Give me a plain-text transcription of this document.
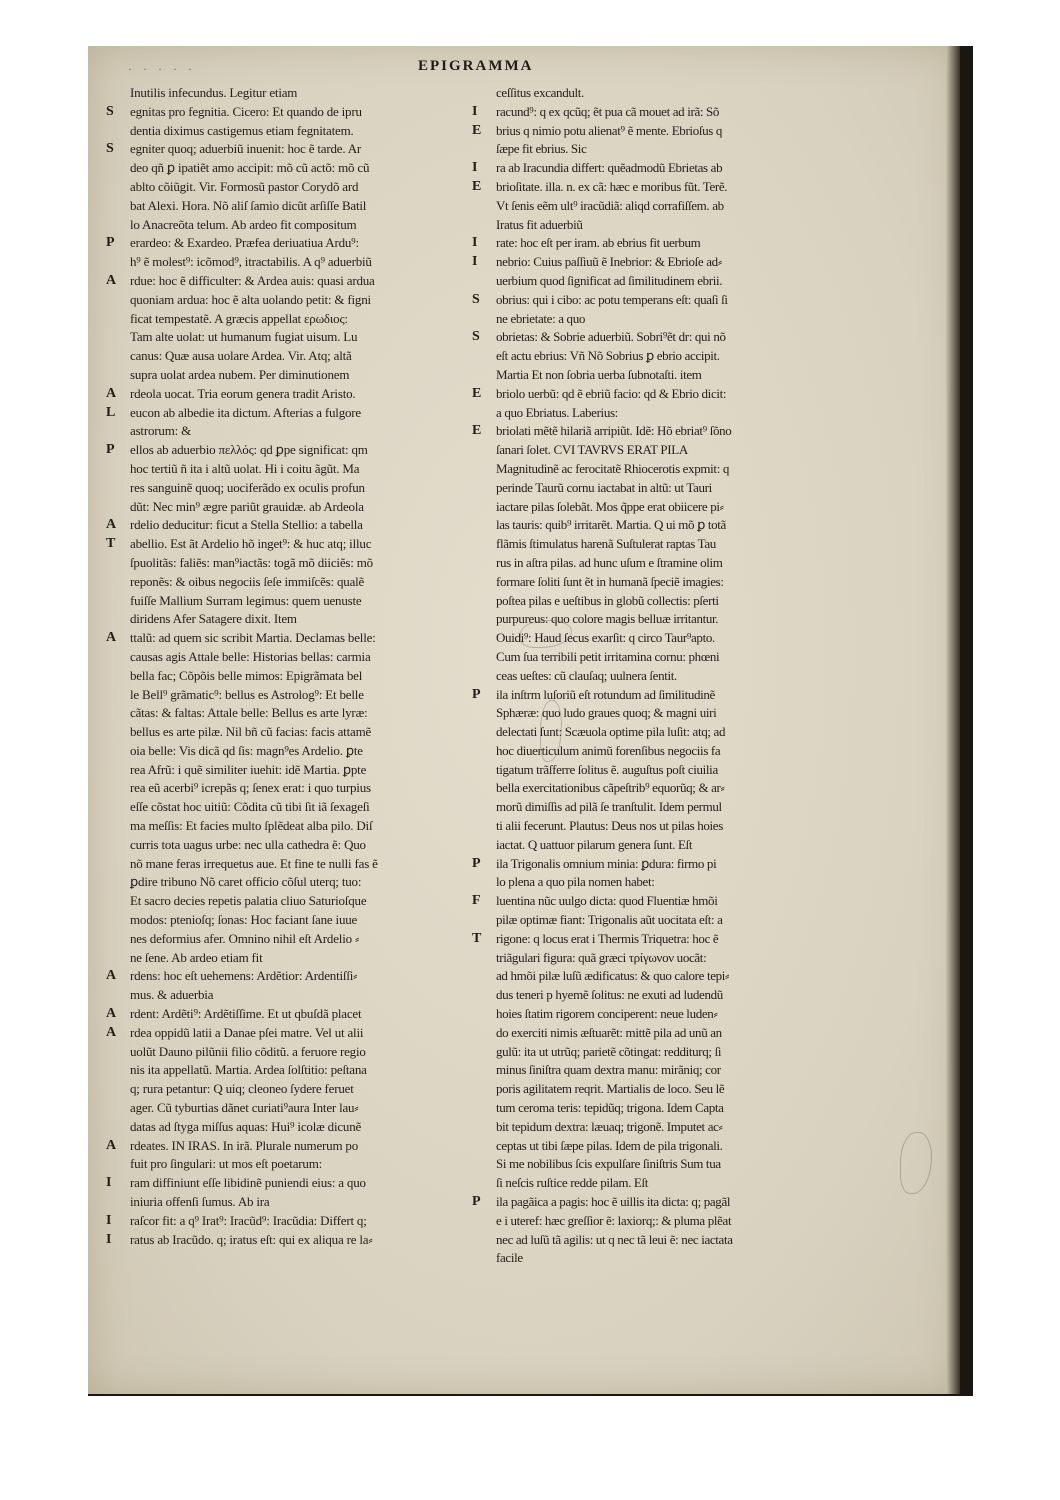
· · · · ·	EPIGRAMMA
Inutilis infecundus. Legitur etiam
S	egnitas pro fegnitia. Cicero: Et quando de ipru
dentia diximus castigemus etiam fegnitatem.
S	egniter quoq; aduerbiũ inuenit: hoc ẽ tarde. Ar
deo qñ ꝑ ipatiẽt amo accipit: mõ cũ actõ: mõ cũ
ablto cõiũgit. Vir. Formosũ pastor Corydõ ard
bat Alexi. Hora. Nõ aliſ ſamio dicũt arſiſſe Batil
lo Anacreõta telum. Ab ardeo fit compositum
P	erardeo: & Exardeo. Præfea deriuatiua Ardu⁹:
h⁹ ẽ molest⁹: icõmod⁹, itractabilis. A q⁹ aduerbiũ
A	rdue: hoc ẽ difficulter: & Ardea auis: quasi ardua
quoniam ardua: hoc ẽ alta uolando petit: & figni
ficat tempestatẽ. A græcis appellat ερωδιος:
Tam alte uolat: ut humanum fugiat uisum. Lu
canus: Quæ ausa uolare Ardea. Vir. Atq; altã
supra uolat ardea nubem. Per diminutionem
A	rdeola uocat. Tria eorum genera tradit Aristo.
L	eucon ab albedie ita dictum. Afterias a fulgore
astrorum: &
P	ellos ab aduerbio πελλός: qd ꝑpe significat: qm
hoc tertiũ ñ ita i altũ uolat. Hi i coitu ãgũt. Ma
res sanguinẽ quoq; uociferãdo ex oculis profun
dũt: Nec min⁹ ægre pariũt grauidæ. ab Ardeola
A	rdelio deducitur: ficut a Stella Stellio: a tabella
T	abellio. Est ãt Ardelio hõ inget⁹: & huc atq; illuc
ſpuolitãs: faliẽs: man⁹iactãs: togã mõ diiciẽs: mõ
reponẽs: & oibus negociis ſeſe immiſcẽs: qualẽ
fuiſſe Mallium Surram legimus: quem uenuste
diridens Afer Satagere dixit. Item
A	ttalũ: ad quem sic scribit Martia. Declamas belle:
causas agis Attale belle: Historias bellas: carmia
bella fac; Cõpõis belle mimos: Epigrãmata bel
le Bell⁹ grãmatic⁹: bellus es Astrolog⁹: Et belle
cãtas: & faltas: Attale belle: Bellus es arte lyræ:
bellus es arte pilæ. Nil bñ cũ facias: facis attamẽ
oia belle: Vis dicã qd ſis: magn⁹es Ardelio. ꝑte
rea Afrũ: i quẽ similiter iuehit: idẽ Martia. ꝑpte
rea eũ acerbi⁹ icrepãs q; ſenex erat: i quo turpius
eſſe cõstat hoc uitiũ: Cõdita cũ tibi ſit iã ſexageſi
ma meſſis: Et facies multo ſplẽdeat alba pilo. Diſ
curris tota uagus urbe: nec ulla cathedra ẽ: Quo
nõ mane feras irrequetus aue. Et fine te nulli fas ẽ
ꝑdire tribuno Nõ caret officio cõſul uterq; tuo:
Et sacro decies repetis palatia cliuo Saturioſque
modos: ptenioſq; ſonas: Hoc faciant ſane iuue
nes deformius afer. Omnino nihil eſt Ardelio ⸗
ne ſene. Ab ardeo etiam fit
A	rdens: hoc eſt uehemens: Ardẽtior: Ardentiſſi⸗
mus. & aduerbia
A	rdent: Ardẽti⁹: Ardẽtiſſime. Et ut qbuſdã placet
A	rdea oppidũ latii a Danae pſei matre. Vel ut alii
uolũt Dauno pilũnii filio cõditũ. a feruore regio
nis ita appellatũ. Martia. Ardea ſolſtitio: peſtana
q; rura petantur: Q uiq; cleoneo ſydere feruet
ager. Cũ tyburtias dãnet curiati⁹aura Inter lau⸗
datas ad ſtyga miſſus aquas: Hui⁹ icolæ dicunẽ
A	rdeates. IN IRAS. In irã. Plurale numerum po
fuit pro ſingulari: ut mos eſt poetarum:
I	ram diffiniunt eſſe libidinẽ puniendi eius: a quo
iniuria offenſi ſumus. Ab ira
I	raſcor fit: a q⁹ Irat⁹: Iracũd⁹: Iracũdia: Differt q;
I	ratus ab Iracũdo. q; iratus eſt: qui ex aliqua re la⸗
ceſſitus excandult.
I	racund⁹: q ex qcũq; ẽt pua cã mouet ad irã: Sõ
E	brius q nimio potu alienat⁹ ẽ mente. Ebrioſus q
ſæpe fit ebrius. Sic
I	ra ab Iracundia differt: quẽadmodũ Ebrietas ab
E	brioſitate. illa. n. ex cã: hæc e moribus fũt. Terẽ.
Vt ſenis eẽm ult⁹ iracũdiã: aliqd corrafiſſem. ab
Iratus fit aduerbiũ
I	rate: hoc eſt per iram. ab ebrius fit uerbum
I	nebrio: Cuius paſſiuũ ẽ Inebrior: & Ebrioſe ad⸗
uerbium quod ſignificat ad ſimilitudinem ebrii.
S	obrius: qui i cibo: ac potu temperans eſt: quaſi ſi
ne ebrietate: a quo
S	obrietas: & Sobrie aduerbiũ. Sobri⁹ẽt dr: qui nõ
eſt actu ebrius: Vñ Nõ Sobrius ꝑ ebrio accipit.
Martia Et non ſobria uerba ſubnotaſti. item
E	briolo uerbũ: qd ẽ ebriũ facio: qd & Ebrio dicit:
a quo Ebriatus. Laberius:
E	briolati mẽtẽ hilariã arripiũt. Idẽ: Hõ ebriat⁹ ſõno
ſanari ſolet. CVI TAVRVS ERAT PILA
Magnitudinẽ ac ferocitatẽ Rhiocerotis expmit: q
perinde Taurũ cornu iactabat in altũ: ut Tauri
iactare pilas ſolebãt. Mos q̃ppe erat obiicere pi⸗
las tauris: quib⁹ irritarẽt. Martia. Q ui mõ ꝑ totã
flãmis ſtimulatus harenã Suſtulerat raptas Tau
rus in aſtra pilas. ad hunc uſum e ſtramine olim
formare ſoliti ſunt ẽt in humanã ſpeciẽ imagies:
poſtea pilas e ueſtibus in globũ collectis: pſerti
purpureus: quo colore magis belluæ irritantur.
Ouidi⁹: Haud ſecus exarſit: q circo Taur⁹apto.
Cum ſua terribili petit irritamina cornu: phœni
ceas ueſtes: cũ clauſaq; uulnera ſentit.
P	ila inſtrm luſoriũ eſt rotundum ad ſimilitudinẽ
Sphæræ: quo ludo graues quoq; & magni uiri
delectati ſunt: Scæuola optime pila luſit: atq; ad
hoc diuerticulum animũ forenſibus negociis fa
tigatum trãſferre ſolitus ẽ. auguſtus poſt ciuilia
bella exercitationibus cãpeſtrib⁹ equorũq; & ar⸗
morũ dimiſſis ad pilã ſe tranſtulit. Idem permul
ti alii fecerunt. Plautus: Deus nos ut pilas hoies
iactat. Q uattuor pilarum genera ſunt. Eſt
P	ila Trigonalis omnium minia: ꝑdura: firmo pi
lo plena a quo pila nomen habet:
F	luentina nũc uulgo dicta: quod Fluentiæ hmõi
pilæ optimæ fiant: Trigonalis aũt uocitata eſt: a
T	rigone: q locus erat i Thermis Triquetra: hoc ẽ
triãgulari figura: quã græci τρίγωνον uocãt:
ad hmõi pilæ luſũ ædificatus: & quo calore tepi⸗
dus teneri p hyemẽ ſolitus: ne exuti ad ludendũ
hoies ſtatim rigorem conciperent: neue luden⸗
do exerciti nimis æſtuarẽt: mittẽ pila ad unũ an
gulũ: ita ut utrũq; parietẽ cõtingat: redditurq; ſi
minus ſiniſtra quam dextra manu: mirãniq; cor
poris agilitatem reqrit. Martialis de loco. Seu lẽ
tum ceroma teris: tepidũq; trigona. Idem Capta
bit tepidum dextra: læuaq; trigonẽ. Imputet ac⸗
ceptas ut tibi ſæpe pilas. Idem de pila trigonali.
Si me nobilibus ſcis expulſare ſiniſtris Sum tua
ſi neſcis ruſtice redde pilam. Eſt
P	ila pagãica a pagis: hoc ẽ uillis ita dicta: q; pagãl
e i uteref: hæc greſſior ẽ: laxiorq;: & pluma plẽat
nec ad luſũ tã agilis: ut q nec tã leui ẽ: nec iactata
facile
